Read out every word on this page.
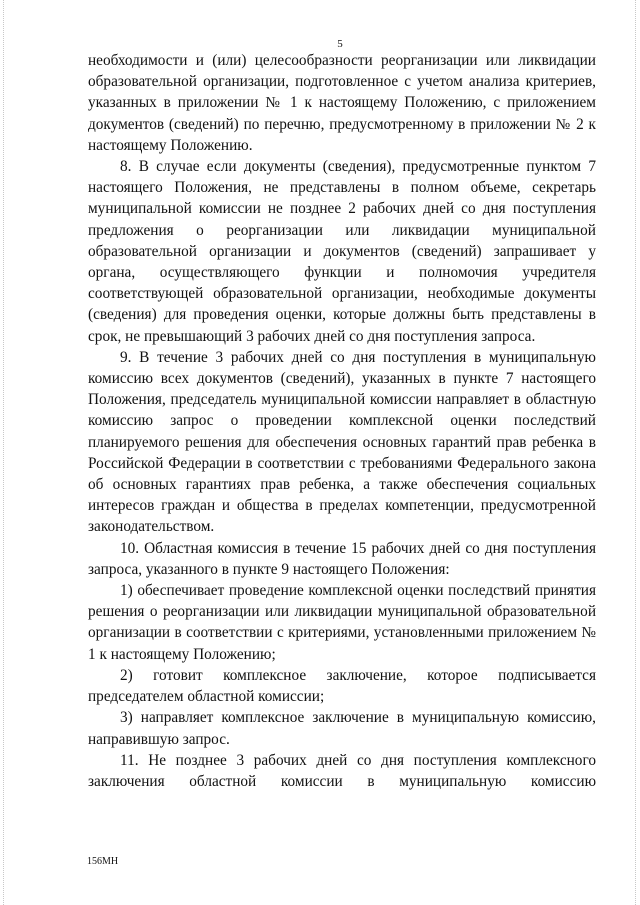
5

необходимости и (или) целесообразности реорганизации или ликвидации образовательной организации, подготовленное с учетом анализа критериев, указанных в приложении № 1 к настоящему Положению, с приложением документов (сведений) по перечню, предусмотренному в приложении № 2 к настоящему Положению.

8. В случае если документы (сведения), предусмотренные пунктом 7 настоящего Положения, не представлены в полном объеме, секретарь муниципальной комиссии не позднее 2 рабочих дней со дня поступления предложения о реорганизации или ликвидации муниципальной образовательной организации и документов (сведений) запрашивает у органа, осуществляющего функции и полномочия учредителя соответствующей образовательной организации, необходимые документы (сведения) для проведения оценки, которые должны быть представлены в срок, не превышающий 3 рабочих дней со дня поступления запроса.

9. В течение 3 рабочих дней со дня поступления в муниципальную комиссию всех документов (сведений), указанных в пункте 7 настоящего Положения, председатель муниципальной комиссии направляет в областную комиссию запрос о проведении комплексной оценки последствий планируемого решения для обеспечения основных гарантий прав ребенка в Российской Федерации в соответствии с требованиями Федерального закона об основных гарантиях прав ребенка, а также обеспечения социальных интересов граждан и общества в пределах компетенции, предусмотренной законодательством.

10. Областная комиссия в течение 15 рабочих дней со дня поступления запроса, указанного в пункте 9 настоящего Положения:

1) обеспечивает проведение комплексной оценки последствий принятия решения о реорганизации или ликвидации муниципальной образовательной организации в соответствии с критериями, установленными приложением № 1 к настоящему Положению;

2) готовит комплексное заключение, которое подписывается председателем областной комиссии;

3) направляет комплексное заключение в муниципальную комиссию, направившую запрос.

11. Не позднее 3 рабочих дней со дня поступления комплексного заключения областной комиссии в муниципальную комиссию

156МН
